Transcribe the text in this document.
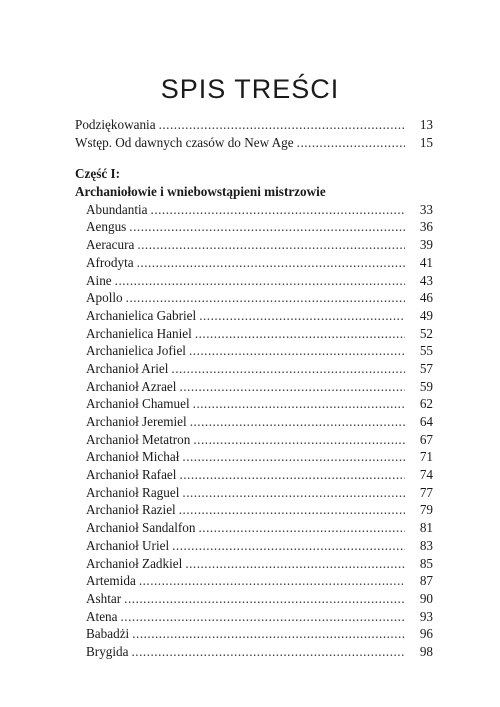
SPIS TREŚCI
Podziękowania .....	13
Wstęp. Od dawnych czasów do New Age .....	15
Część I:
Archaniołowie i wniebowstąpieni mistrzowie
Abundantia .....	33
Aengus .....	36
Aeracura .....	39
Afrodyta .....	41
Aine .....	43
Apollo .....	46
Archanielica Gabriel .....	49
Archanielica Haniel .....	52
Archanielica Jofiel .....	55
Archanioł Ariel .....	57
Archanioł Azrael .....	59
Archanioł Chamuel .....	62
Archanioł Jeremiel .....	64
Archanioł Metatron .....	67
Archanioł Michał .....	71
Archanioł Rafael .....	74
Archanioł Raguel .....	77
Archanioł Raziel .....	79
Archanioł Sandalfon .....	81
Archanioł Uriel .....	83
Archanioł Zadkiel .....	85
Artemida .....	87
Ashtar .....	90
Atena .....	93
Babadżi .....	96
Brygida .....	98
